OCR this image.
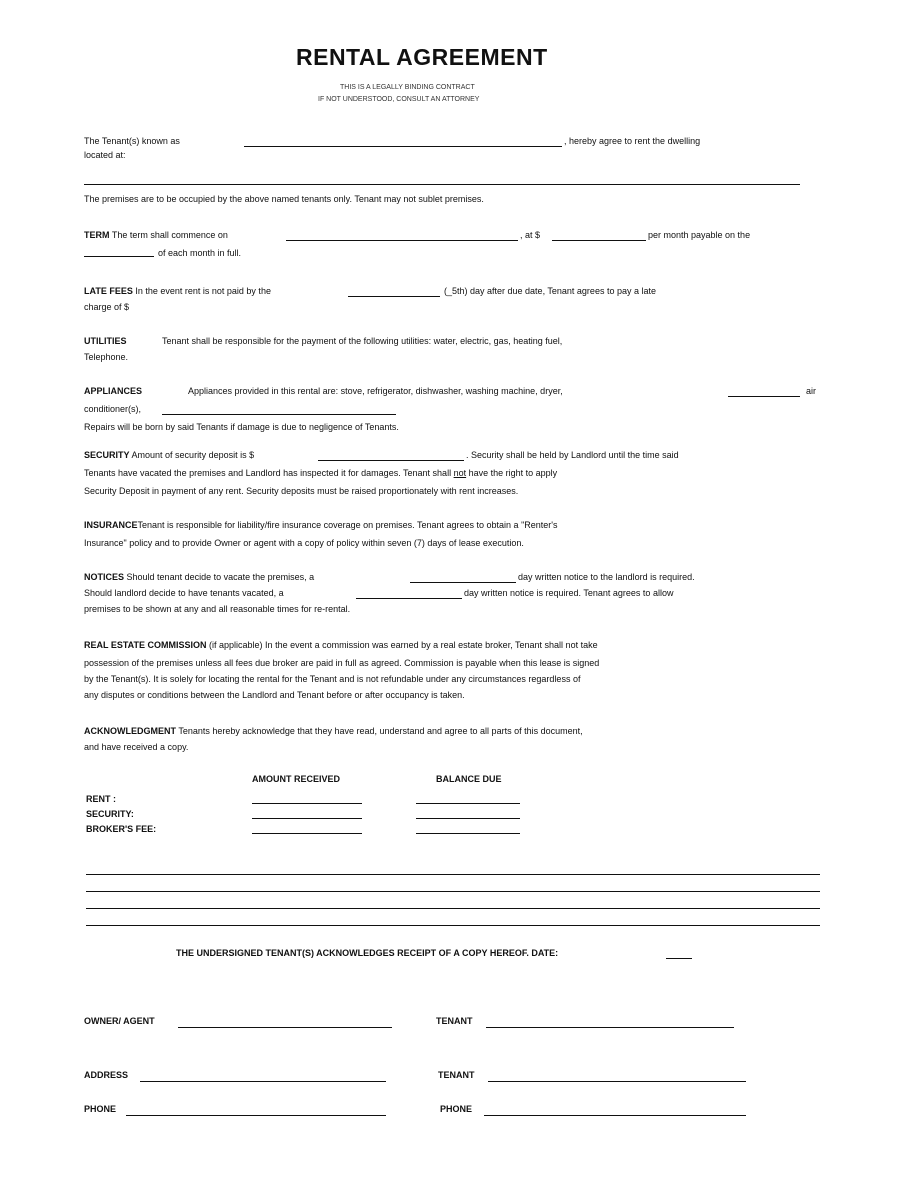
RENTAL AGREEMENT
THIS IS A LEGALLY BINDING CONTRACT
IF NOT UNDERSTOOD, CONSULT AN ATTORNEY
The Tenant(s) known as	, hereby agree to rent the dwelling
located at:
The premises are to be occupied by the above named tenants only. Tenant may not sublet premises.
TERM The term shall commence on	, at $	per month payable on the
of each month in full.
LATE FEES In the event rent is not paid by the	(_5th) day after due date, Tenant agrees to pay a late
charge of $
UTILITIES	Tenant shall be responsible for the payment of the following utilities: water, electric, gas, heating fuel,
Telephone.
APPLIANCES	Appliances provided in this rental are: stove, refrigerator, dishwasher, washing machine, dryer,	air
conditioner(s),
Repairs will be born by said Tenants if damage is due to negligence of Tenants.
SECURITY Amount of security deposit is $	. Security shall be held by Landlord until the time said
Tenants have vacated the premises and Landlord has inspected it for damages. Tenant shall not have the right to apply
Security Deposit in payment of any rent. Security deposits must be raised proportionately with rent increases.
INSURANCETenant is responsible for liability/fire insurance coverage on premises. Tenant agrees to obtain a "Renter's
Insurance" policy and to provide Owner or agent with a copy of policy within seven (7) days of lease execution.
NOTICES Should tenant decide to vacate the premises, a	day written notice to the landlord is required.
Should landlord decide to have tenants vacated, a	day written notice is required. Tenant agrees to allow
premises to be shown at any and all reasonable times for re-rental.
REAL ESTATE COMMISSION (if applicable) In the event a commission was earned by a real estate broker, Tenant shall not take
possession of the premises unless all fees due broker are paid in full as agreed. Commission is payable when this lease is signed
by the Tenant(s). It is solely for locating the rental for the Tenant and is not refundable under any circumstances regardless of
any disputes or conditions between the Landlord and Tenant before or after occupancy is taken.
ACKNOWLEDGMENT Tenants hereby acknowledge that they have read, understand and agree to all parts of this document,
and have received a copy.
AMOUNT RECEIVED	BALANCE DUE
RENT :
SECURITY:
BROKER'S FEE:
THE UNDERSIGNED TENANT(S) ACKNOWLEDGES RECEIPT OF A COPY HEREOF. DATE:
OWNER/ AGENT	TENANT
ADDRESS	TENANT
PHONE	PHONE
